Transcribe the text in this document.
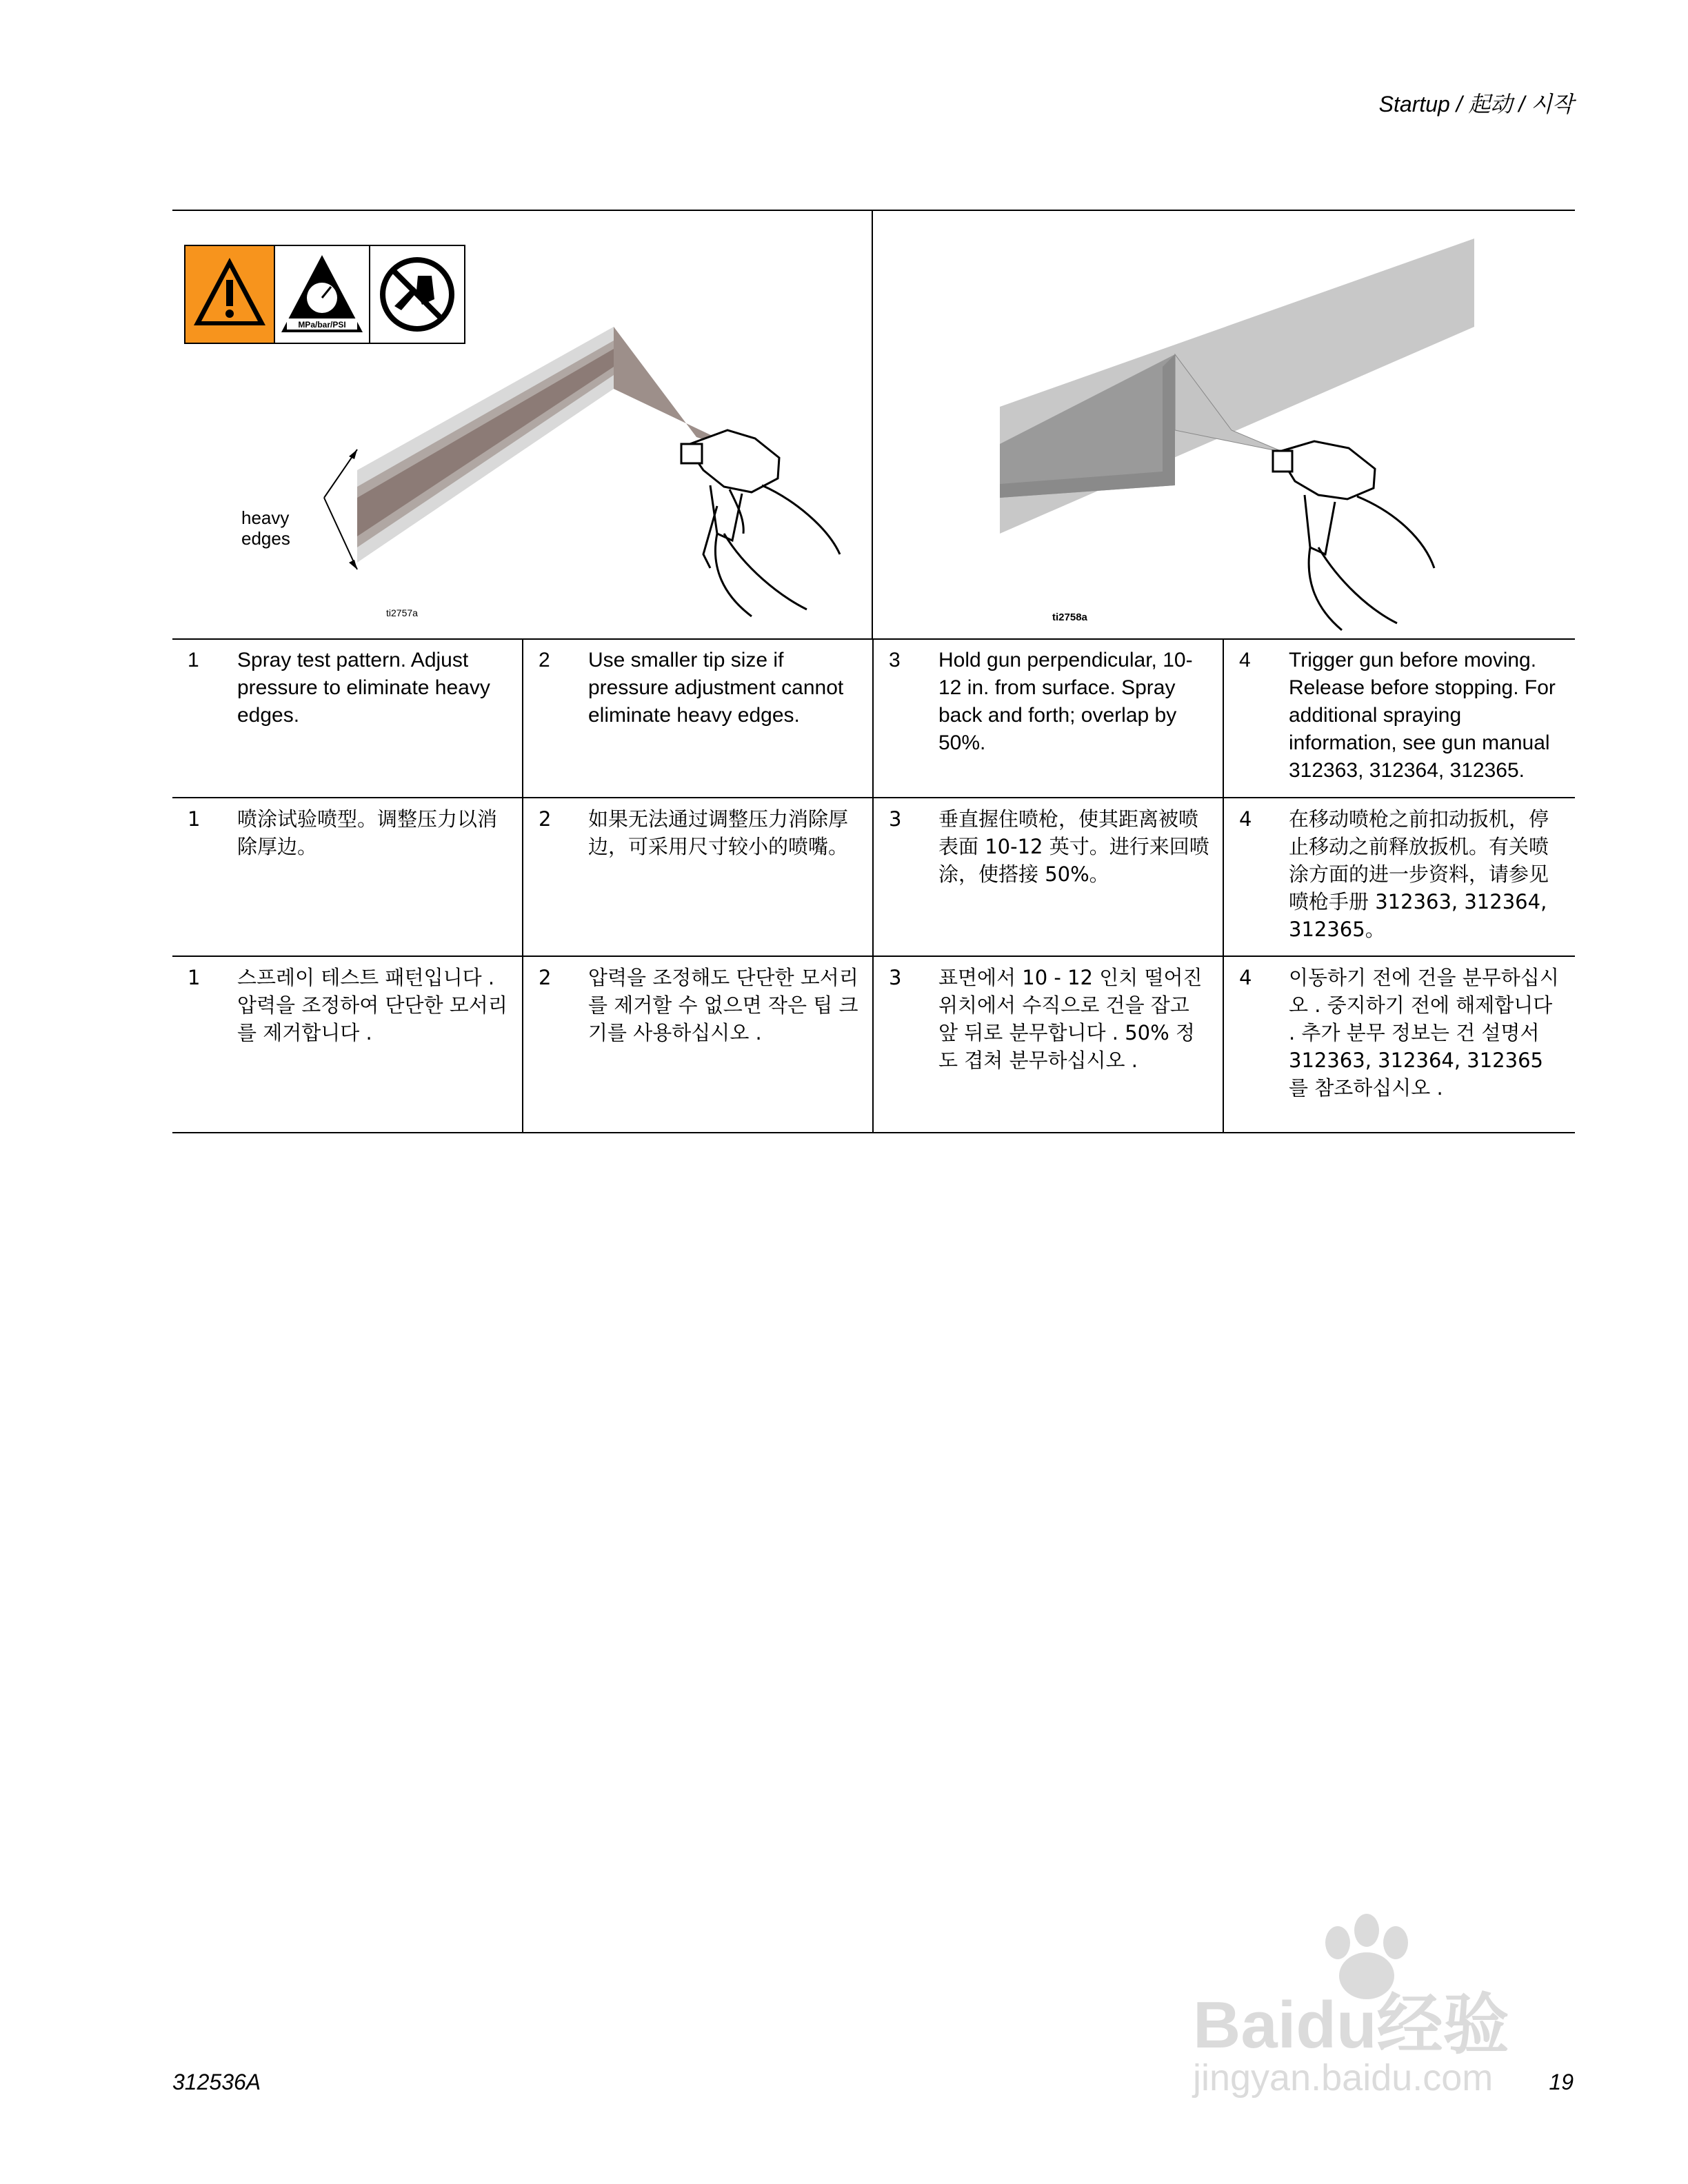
Startup / 起动 / 시작
MPa/bar/PSI
heavy
edges
ti2757a	ti2758a
1 Spray test pattern. Adjust pressure to eliminate heavy edges.	2 Use smaller tip size if pressure adjustment cannot eliminate heavy edges.	3 Hold gun perpendicular, 10-12 in. from surface. Spray back and forth; overlap by 50%.	4 Trigger gun before moving. Release before stopping. For additional spraying information, see gun manual 312363, 312364, 312365.

1 喷涂试验喷型。调整压力以消除厚边。	2 如果无法通过调整压力消除厚边，可采用尺寸较小的喷嘴。	3 垂直握住喷枪，使其距离被喷表面 10-12 英寸。进行来回喷涂，使搭接 50%。	4 在移动喷枪之前扣动扳机，停止移动之前释放扳机。有关喷涂方面的进一步资料，请参见喷枪手册 312363, 312364, 312365。

1 스프레이 테스트 패턴입니다 . 압력을 조정하여 단단한 모서리를 제거합니다 .	2 압력을 조정해도 단단한 모서리를 제거할 수 없으면 작은 팁 크기를 사용하십시오 .	3 표면에서 10 - 12 인치 떨어진 위치에서 수직으로 건을 잡고 앞 뒤로 분무합니다 . 50% 정도 겹쳐 분무하십시오 .	4 이동하기 전에 건을 분무하십시오 . 중지하기 전에 해제합니다 . 추가 분무 정보는 건 설명서 312363, 312364, 312365 를 참조하십시오 .
Baidu经验
jingyan.baidu.com
312536A	19
